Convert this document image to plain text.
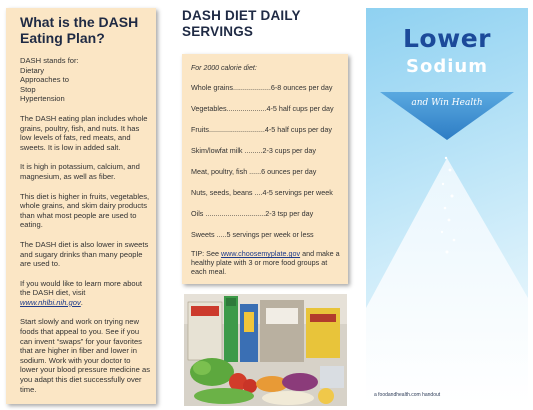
What is the DASH Eating Plan?

DASH stands for:
Dietary
Approaches to
Stop
Hypertension

The DASH eating plan includes whole grains, poultry, fish, and nuts. It has low levels of fats, red meats, and sweets. It is low in added salt.

It is high in potassium, calcium, and magnesium, as well as fiber.

This diet is higher in fruits, vegetables, whole grains, and skim dairy products than what most people are used to eating.

The DASH diet is also lower in sweets and sugary drinks than many people are used to.

If you would like to learn more about the DASH diet, visit www.nhlbi.nih.gov.

Start slowly and work on trying new foods that appeal to you. See if you can invent “swaps” for your favorites that are higher in fiber and lower in sodium. Work with your doctor to lower your blood pressure medicine as you adapt this diet successfully over time.

DASH DIET DAILY SERVINGS
For 2000 calorie diet:
Whole grains...................6-8 ounces per day
Vegetables....................4-5 half cups per day
Fruits............................4-5 half cups per day
Skim/lowfat milk .........2-3 cups per day
Meat, poultry, fish ......6 ounces per day
Nuts, seeds, beans ....4-5 servings per week
Oils ..............................2-3 tsp per day
Sweets .....5 servings per week or less
TIP: See www.choosemyplate.gov and make a healthy plate with 3 or more food groups at each meal.
Lower
Sodium
and Win Health
a foodandhealth.com handout
